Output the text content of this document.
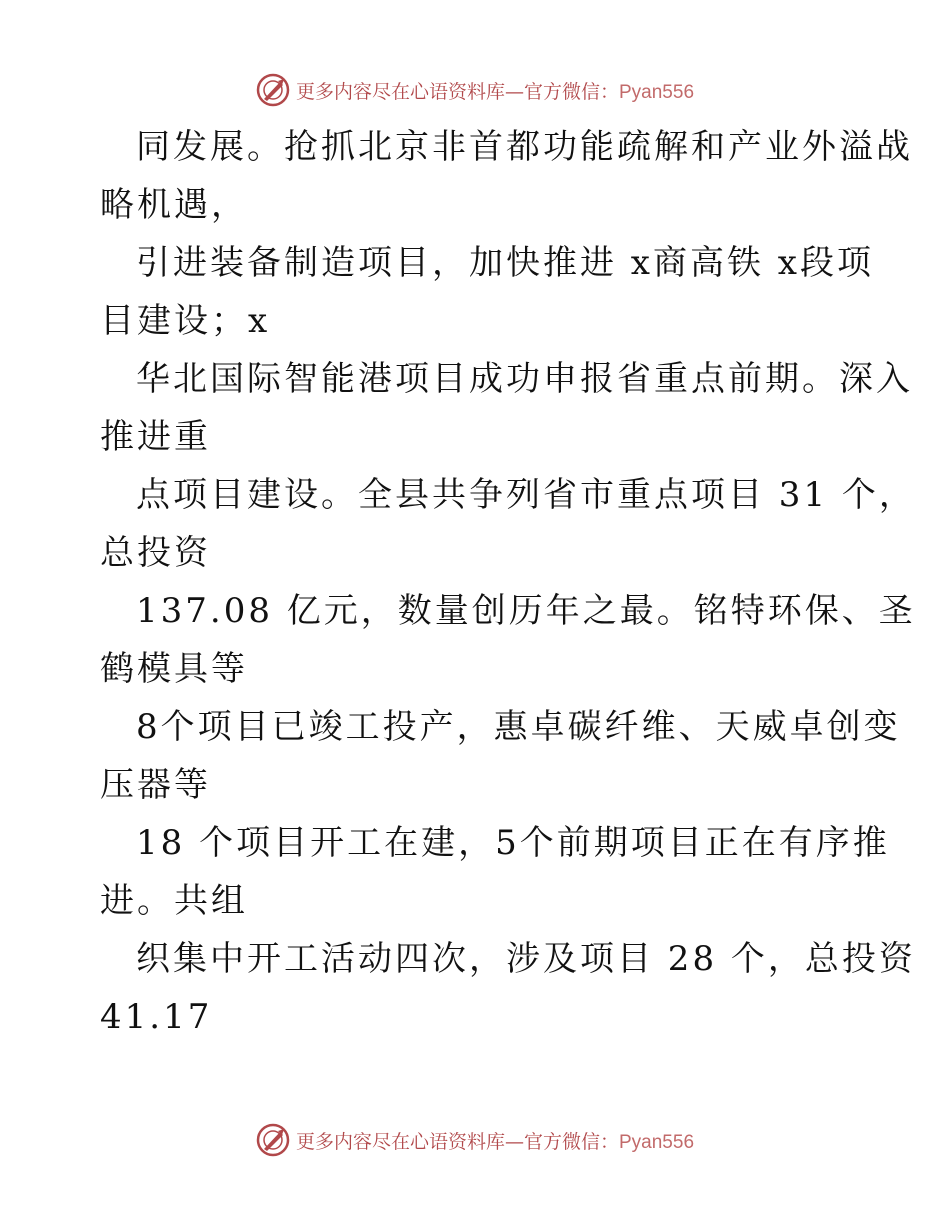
更多内容尽在心语资料库—官方微信：Pyan556
同发展。抢抓北京非首都功能疏解和产业外溢战
略机遇，
引进装备制造项目，加快推进 x商高铁 x段项
目建设；x
华北国际智能港项目成功申报省重点前期。深入
推进重
点项目建设。全县共争列省市重点项目 31 个，
总投资
137.08 亿元，数量创历年之最。铭特环保、圣
鹤模具等
8个项目已竣工投产，惠卓碳纤维、天威卓创变
压器等
18 个项目开工在建，5个前期项目正在有序推
进。共组
织集中开工活动四次，涉及项目 28 个，总投资
41.17
更多内容尽在心语资料库—官方微信：Pyan556
